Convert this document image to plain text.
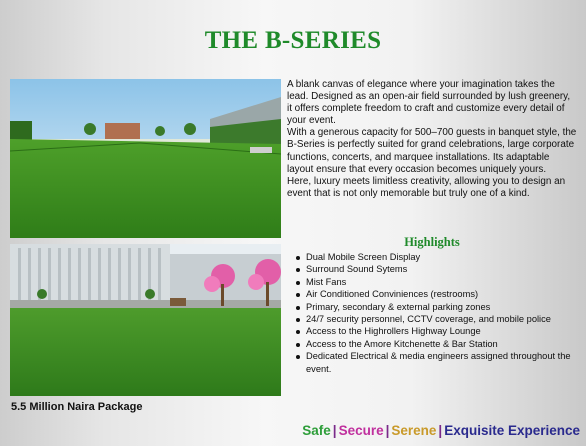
THE B-SERIES

A blank canvas of elegance where your imagination takes the lead. Designed as an open-air field surrounded by lush greenery, it offers complete freedom to craft and customize every detail of your event.

With a generous capacity for 500–700 guests in banquet style, the B-Series is perfectly suited for grand celebrations, large corporate functions, concerts, and marquee installations. Its adaptable layout ensure that every occasion becomes uniquely yours.

Here, luxury meets limitless creativity, allowing you to design an event that is not only memorable but truly one of a kind.

Highlights
Dual Mobile Screen Display
Surround Sound Sytems
Mist Fans
Air Conditioned Conviniences (restrooms)
Primary, secondary & external parking zones
24/7 security personnel, CCTV coverage, and mobile police
Access to the Highrollers Highway Lounge
Access to the Amore Kitchenette & Bar Station
Dedicated Electrical & media engineers assigned throughout the event.
5.5 Million Naira Package
Safe | Secure | Serene | Exquisite Experience
